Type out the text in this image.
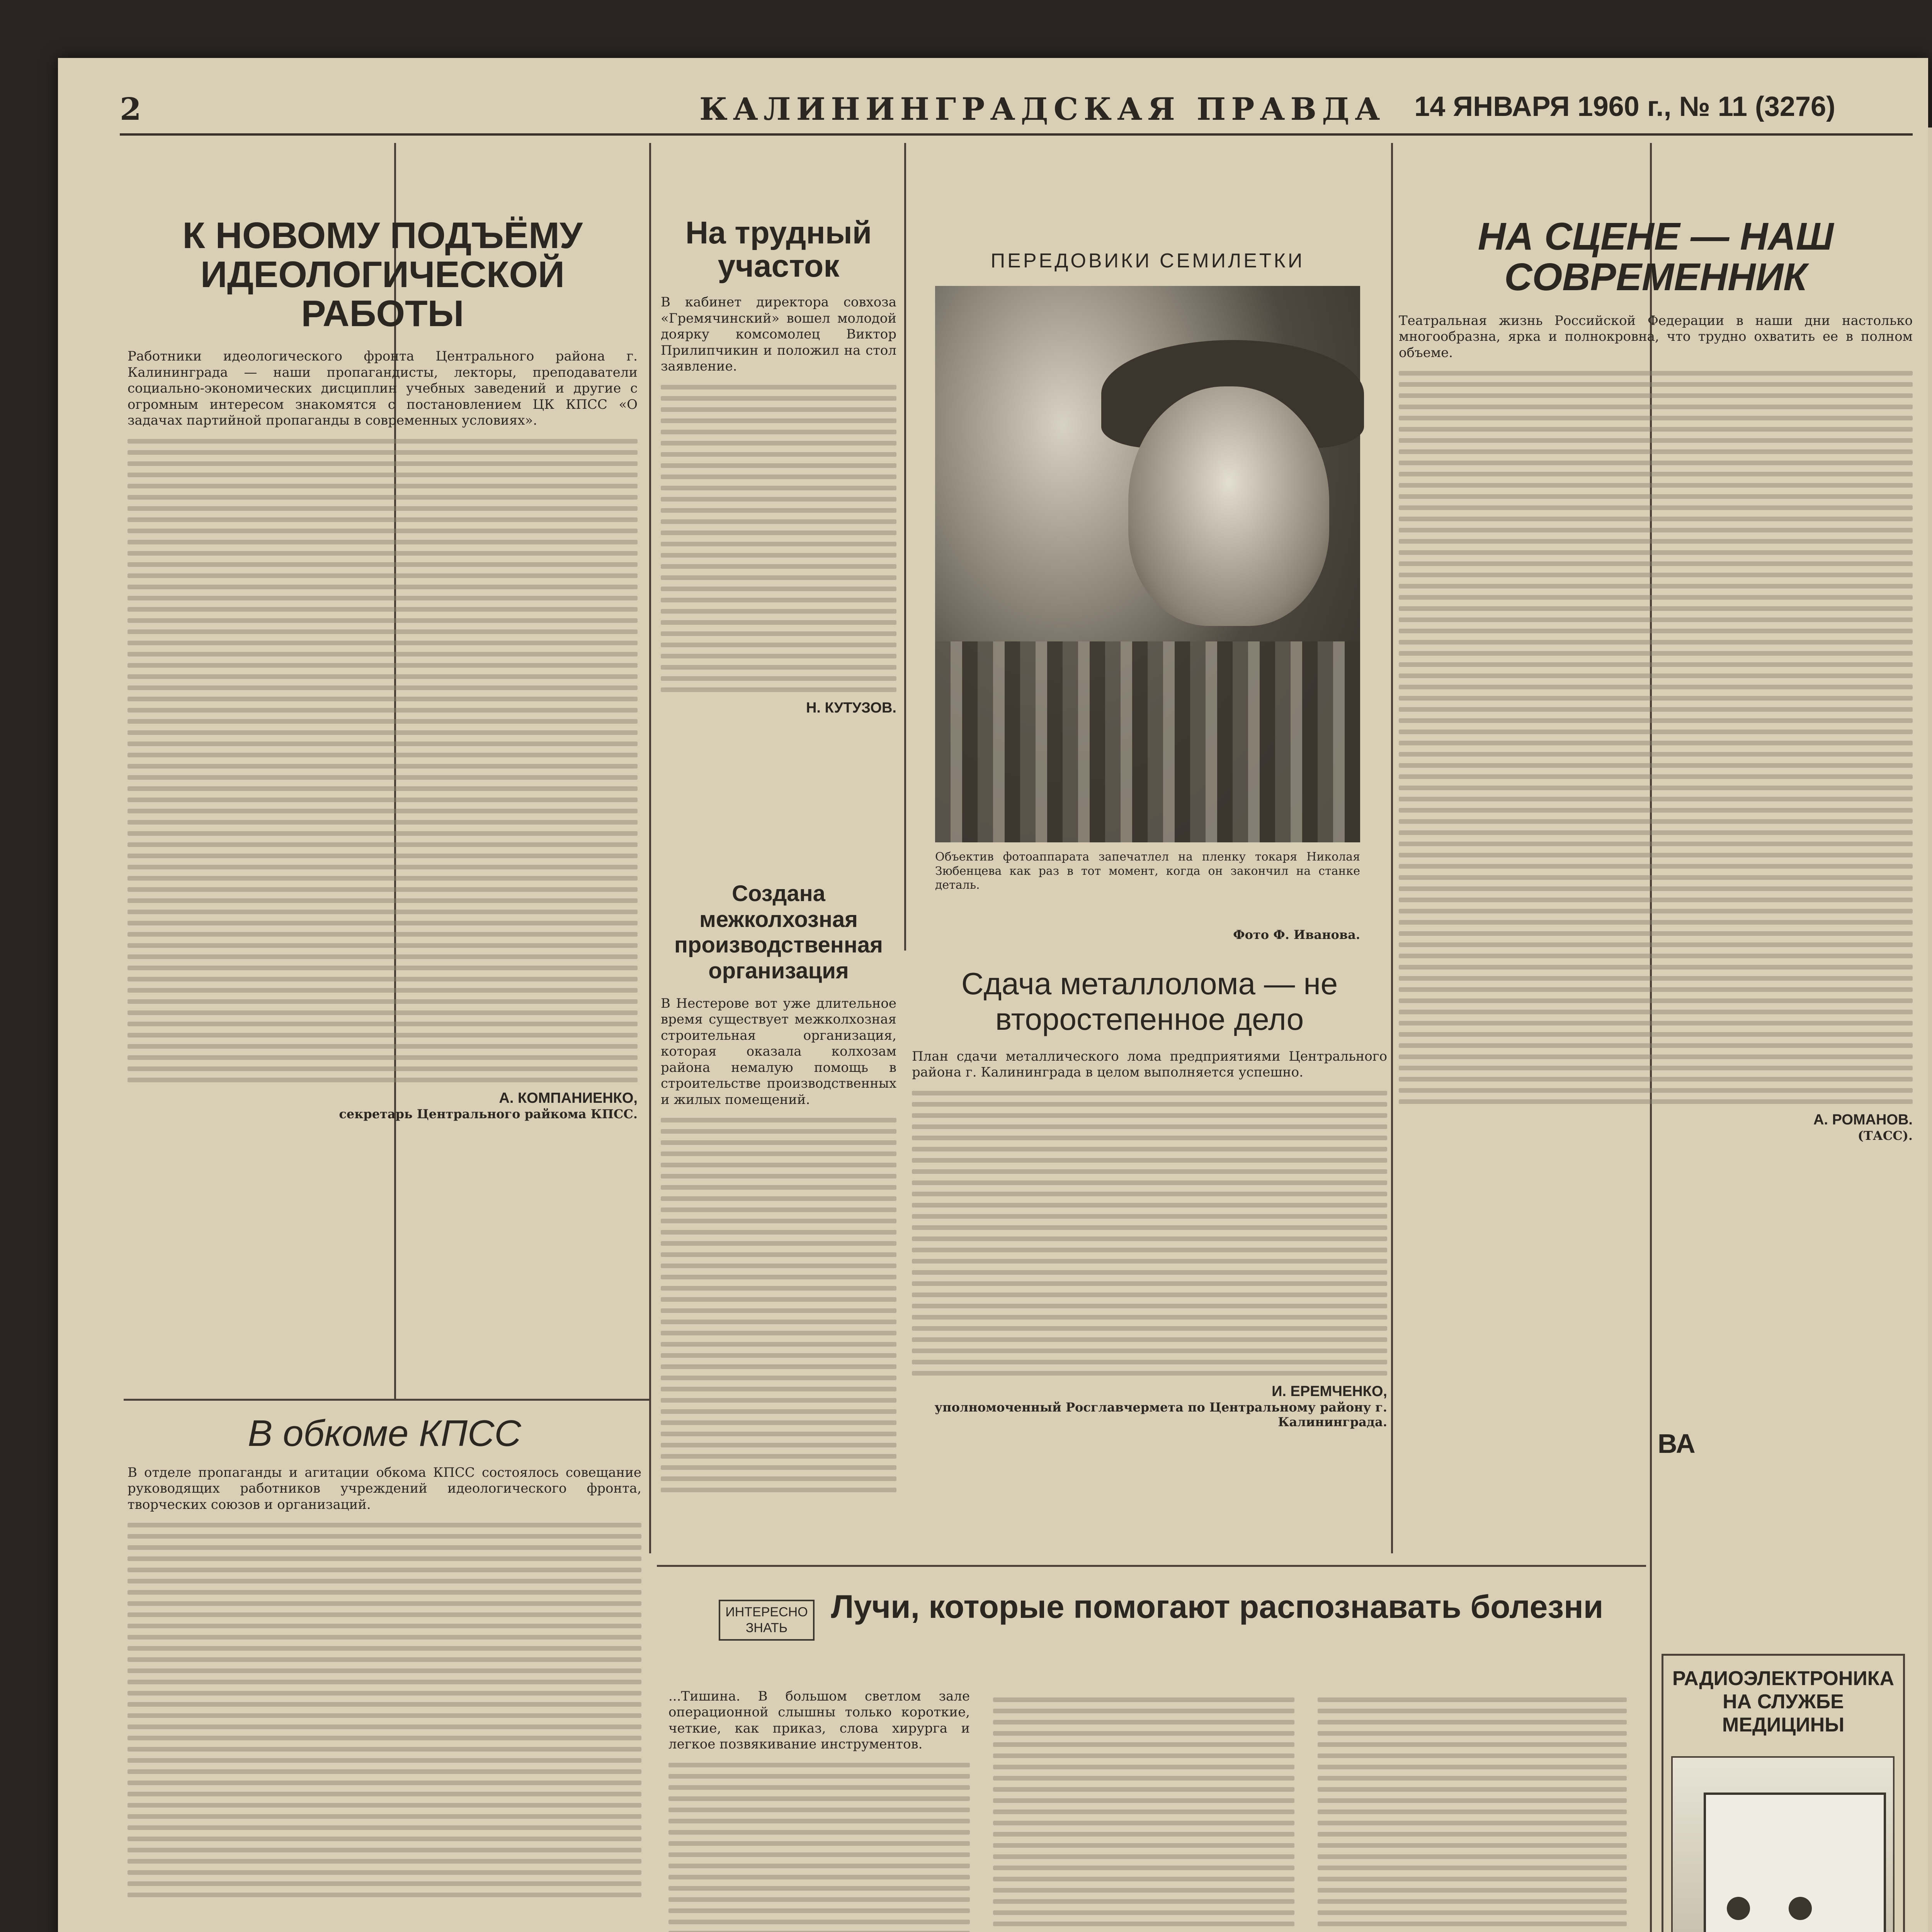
2	КАЛИНИНГРАДСКАЯ ПРАВДА 14 ЯНВАРЯ 1960 г., № 11 (3276)
К НОВОМУ ПОДЪЁМУ ИДЕОЛОГИЧЕСКОЙ РАБОТЫ
Работники идеологического фронта Центрального района г. Калининграда — наши пропагандисты, лекторы, преподаватели социально-экономических дисциплин учебных заведений и другие с огромным интересом знакомятся с постановлением ЦК КПСС «О задачах партийной пропаганды в современных условиях».
А. КОМПАНИЕНКО,
секретарь Центрального райкома КПСС.
На трудный участок
В кабинет директора совхоза «Гремячинский» вошел молодой доярку комсомолец Виктор Прилипчикин и положил на стол заявление.
Н. КУТУЗОВ.
Создана межколхозная производственная организация
В Нестерове вот уже длительное время существует межколхозная строительная организация, которая оказала колхозам района немалую помощь в строительстве производственных и жилых помещений.
ПЕРЕДОВИКИ СЕМИЛЕТКИ
Объектив фотоаппарата запечатлел на пленку токаря Николая Зюбенцева как раз в тот момент, когда он закончил на станке деталь.
Фото Ф. Иванова.
Сдача металлолома — не второстепенное дело
План сдачи металлического лома предприятиями Центрального района г. Калининграда в целом выполняется успешно.
И. ЕРЕМЧЕНКО,
уполномоченный Росглавчермета по Центральному району г. Калининграда.
НА СЦЕНЕ — НАШ СОВРЕМЕННИК
Театральная жизнь Российской Федерации в наши дни настолько многообразна, ярка и полнокровна, что трудно охватить ее в полном объеме.
А. РОМАНОВ.
(ТАСС).
В обкоме КПСС
В отделе пропаганды и агитации обкома КПСС состоялось совещание руководящих работников учреждений идеологического фронта, творческих союзов и организаций.
ИНТЕРЕСНО ЗНАТЬ
Лучи, которые помогают распознавать болезни
...Тишина. В большом светлом зале операционной слышны только короткие, четкие, как приказ, слова хирурга и легкое позвякивание инструментов.
ВА
РАДИОЭЛЕКТРОНИКА НА СЛУЖБЕ МЕДИЦИНЫ
